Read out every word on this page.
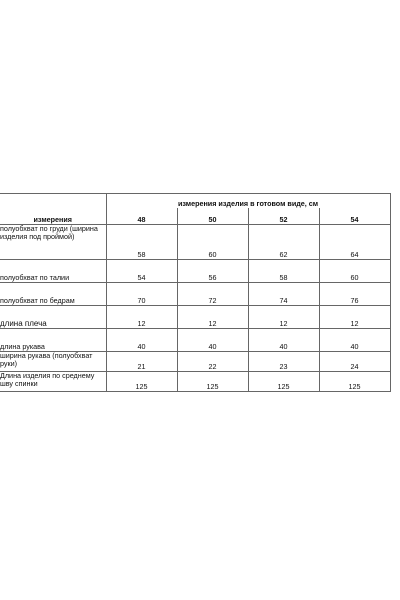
	измерения изделия в готовом виде, см			
измерения	48	50	52	54
полуобхват по груди (ширина изделия под проймой)	58	60	62	64
полуобхват по талии	54	56	58	60
полуобхват по бедрам	70	72	74	76
длина плеча	12	12	12	12
длина рукава	40	40	40	40
ширина рукава (полуобхват руки)	21	22	23	24
Длина изделия по среднему шву спинки	125	125	125	125
